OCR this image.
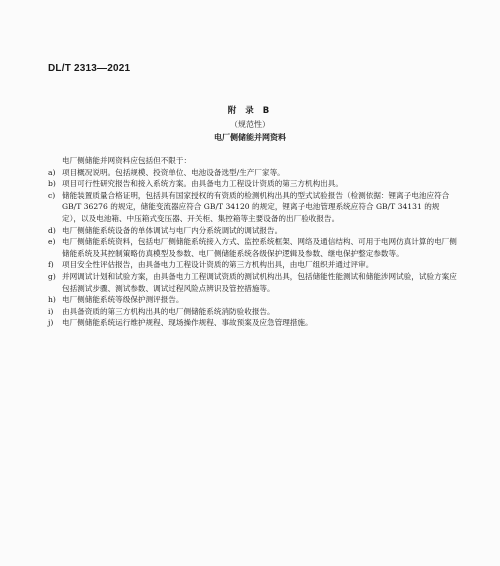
DL/T 2313—2021
附 录 B
（规范性）
电厂侧储能并网资料

电厂侧储能并网资料应包括但不限于：

a) 项目概况说明。包括规模、投资单位、电池设备选型/生产厂家等。
b) 项目可行性研究报告和接入系统方案。由具备电力工程设计资质的第三方机构出具。
c) 储能装置质量合格证明，包括具有国家授权的有资质的检测机构出具的型式试验报告（检测依据：锂离子电池应符合 GB/T 36276 的规定，储能变流器应符合 GB/T 34120 的规定，锂离子电池管理系统应符合 GB/T 34131 的规定），以及电池箱、中压箱式变压器、开关柜、集控箱等主要设备的出厂验收报告。
d) 电厂侧储能系统设备的单体调试与电厂内分系统调试的调试报告。
e) 电厂侧储能系统资料，包括电厂侧储能系统接入方式、监控系统框架、网络及通信结构、可用于电网仿真计算的电厂侧储能系统及其控制策略仿真模型及参数、电厂侧储能系统各级保护逻辑及参数、继电保护整定参数等。
f)	项目安全性评估报告，由具备电力工程设计资质的第三方机构出具，由电厂组织并通过评审。
g) 并网调试计划和试验方案，由具备电力工程调试资质的测试机构出具，包括储能性能测试和储能涉网试验，试验方案应包括测试步骤、测试参数、调试过程风险点辨识及管控措施等。
h) 电厂侧储能系统等级保护测评报告。
i)	由具备资质的第三方机构出具的电厂侧储能系统消防验收报告。
j)	电厂侧储能系统运行维护规程、现场操作规程、事故预案及应急管理措施。
